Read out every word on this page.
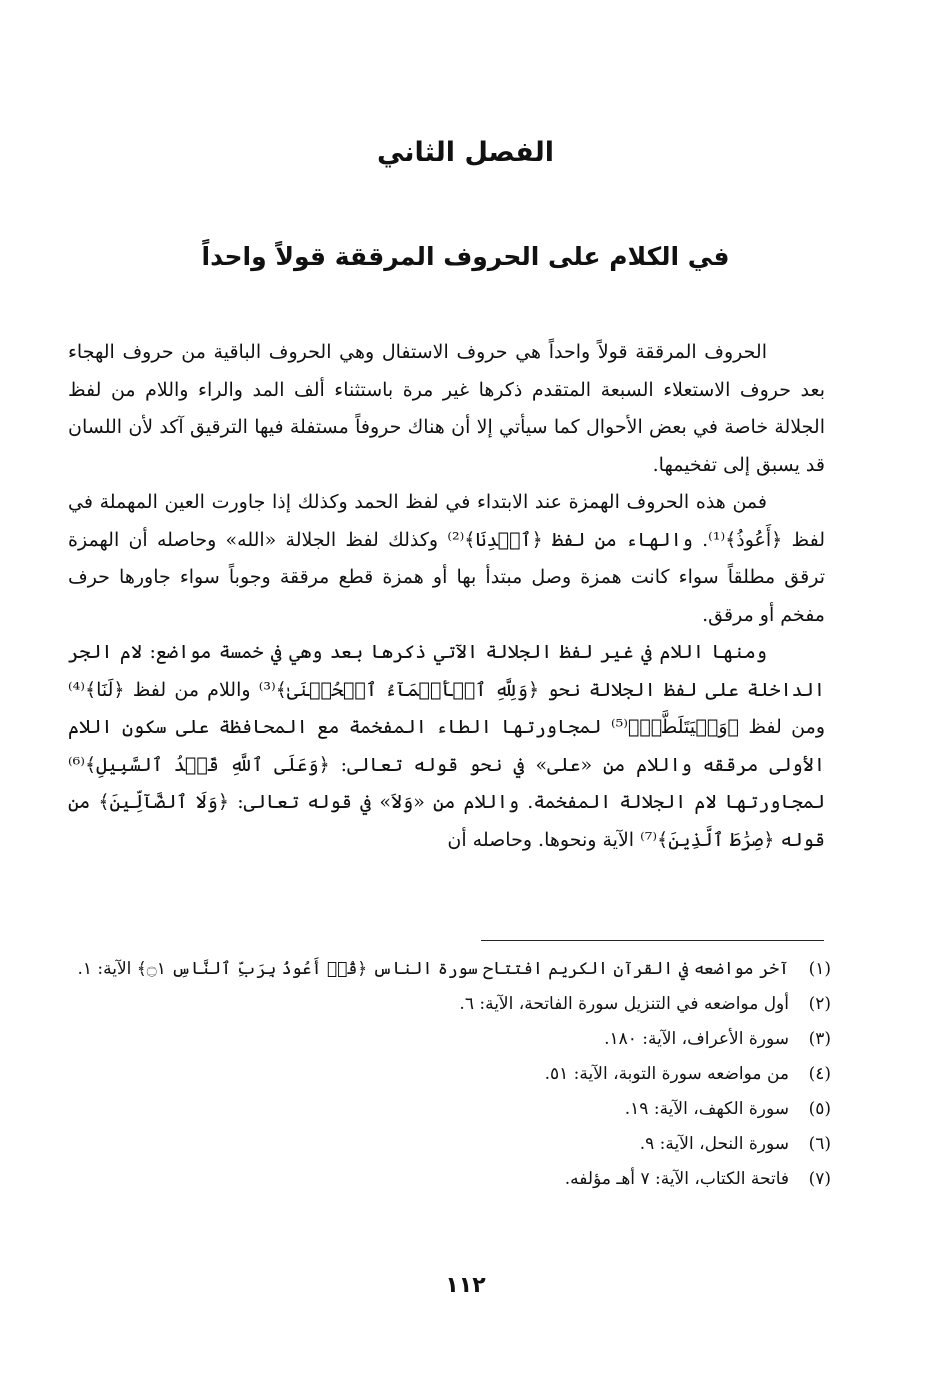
الفصل الثاني
في الكلام على الحروف المرققة قولاً واحداً

الحروف المرققة قولاً واحداً هي حروف الاستفال وهي الحروف الباقية من حروف الهجاء بعد حروف الاستعلاء السبعة المتقدم ذكرها غير مرة باستثناء ألف المد والراء واللام من لفظ الجلالة خاصة في بعض الأحوال كما سيأتي إلا أن هناك حروفاً مستفلة فيها الترقيق آكد لأن اللسان قد يسبق إلى تفخيمها.

فمن هذه الحروف الهمزة عند الابتداء في لفظ الحمد وكذلك إذا جاورت العين المهملة في لفظ ﴿أَعُوذُ﴾⁽¹⁾. والهاء من لفظ ﴿ٱهۡدِنَا﴾⁽²⁾ وكذلك لفظ الجلالة «الله» وحاصله أن الهمزة ترقق مطلقاً سواء كانت همزة وصل مبتدأ بها أو همزة قطع مرققة وجوباً سواء جاورها حرف مفخم أو مرقق.

ومنها اللام في غير لفظ الجلالة الآتي ذكرها بعد وهي في خمسة مواضع: لام الجر الداخلة على لفظ الجلالة نحو ﴿وَلِلَّهِ ٱلۡأَسۡمَآءُ ٱلۡحُسۡنَىٰ﴾⁽³⁾ واللام من لفظ ﴿لَنَا﴾⁽⁴⁾ ومن لفظ ﴿وَلۡيَتَلَطَّفۡ﴾⁽⁵⁾ لمجاورتها الطاء المفخمة مع المحافظة على سكون اللام الأولى مرققه واللام من «على» في نحو قوله تعالى: ﴿وَعَلَى ٱللَّهِ قَصۡدُ ٱلسَّبِيلِ﴾⁽⁶⁾ لمجاورتها لام الجلالة المفخمة. واللام من «وَلاَ» في قوله تعالى: ﴿وَلَا ٱلضَّآلِّينَ﴾ من قوله ﴿صِرَٰطَ ٱلَّذِينَ﴾⁽⁷⁾ الآية ونحوها. وحاصله أن

(١)
آخر مواضعه في القرآن الكريم افتتاح سورة الناس ﴿قُلۡ أَعُوذُ بِرَبِّ ٱلنَّاسِ ۝١﴾ الآية: ١.
(٢)
أول مواضعه في التنزيل سورة الفاتحة، الآية: ٦.
(٣)
سورة الأعراف، الآية: ١٨٠.
(٤)
من مواضعه سورة التوبة، الآية: ٥١.
(٥)
سورة الكهف، الآية: ١٩.
(٦)
سورة النحل، الآية: ٩.
(٧)
فاتحة الكتاب، الآية: ٧ أهـ مؤلفه.
١١٢
